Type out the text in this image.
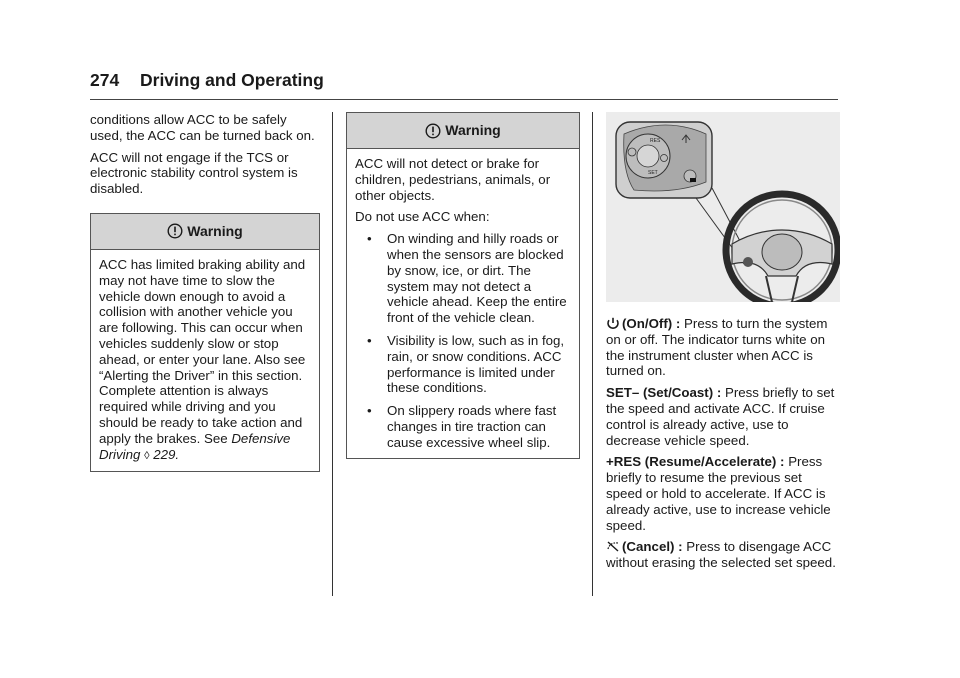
274 Driving and Operating

conditions allow ACC to be safely used, the ACC can be turned back on.

ACC will not engage if the TCS or electronic stability control system is disabled.

Warning

ACC has limited braking ability and may not have time to slow the vehicle down enough to avoid a collision with another vehicle you are following. This can occur when vehicles suddenly slow or stop ahead, or enter your lane. Also see “Alerting the Driver” in this section. Complete attention is always required while driving and you should be ready to take action and apply the brakes. See Defensive Driving ◊ 229.

Warning

ACC will not detect or brake for children, pedestrians, animals, or other objects.

Do not use ACC when:

• On winding and hilly roads or when the sensors are blocked by snow, ice, or dirt. The system may not detect a vehicle ahead. Keep the entire front of the vehicle clean.
• Visibility is low, such as in fog, rain, or snow conditions. ACC performance is limited under these conditions.
• On slippery roads where fast changes in tire traction can cause excessive wheel slip.
RES
SET

(On/Off) : Press to turn the system on or off. The indicator turns white on the instrument cluster when ACC is turned on.

SET– (Set/Coast) : Press briefly to set the speed and activate ACC. If cruise control is already active, use to decrease vehicle speed.

+RES (Resume/Accelerate) : Press briefly to resume the previous set speed or hold to accelerate. If ACC is already active, use to increase vehicle speed.

(Cancel) : Press to disengage ACC without erasing the selected set speed.
